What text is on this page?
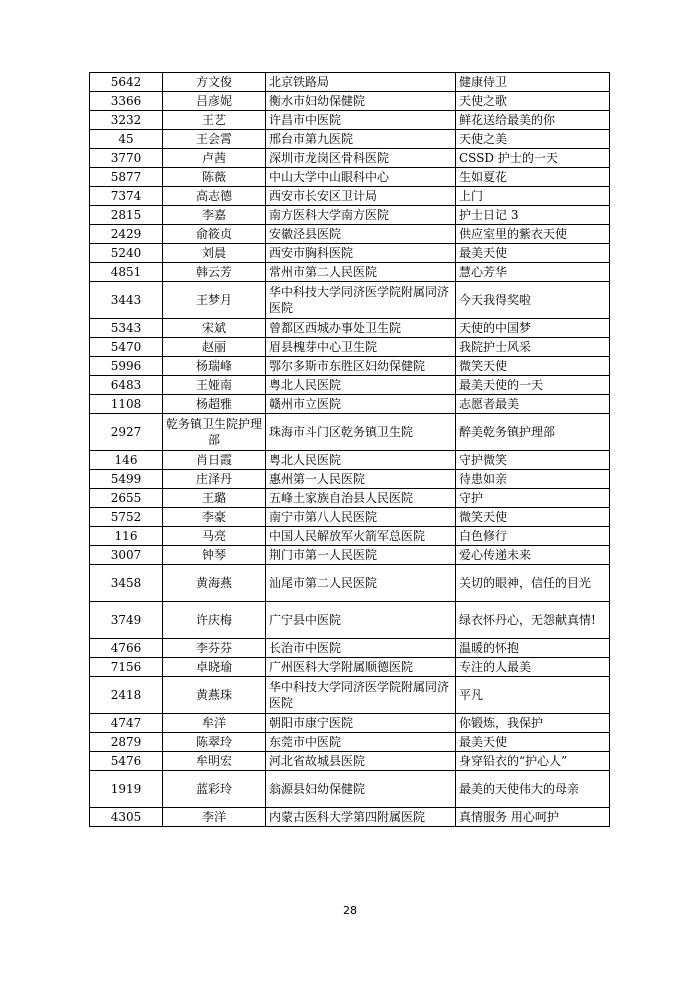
5642	方文俊	北京铁路局	健康侍卫
3366	吕彦妮	衡水市妇幼保健院	天使之歌
3232	王艺	许昌市中医院	鲜花送给最美的你
45	王会霄	邢台市第九医院	天使之美
3770	卢茜	深圳市龙岗区骨科医院	CSSD 护士的一天
5877	陈薇	中山大学中山眼科中心	生如夏花
7374	高志德	西安市长安区卫计局	上门
2815	李嘉	南方医科大学南方医院	护士日记 3
2429	俞筱贞	安徽泾县医院	供应室里的紫衣天使
5240	刘晨	西安市胸科医院	最美天使
4851	韩云芳	常州市第二人民医院	慧心芳华
3443	王梦月	华中科技大学同济医学院附属同济医院	今天我得奖啦
5343	宋斌	曾都区西城办事处卫生院	天使的中国梦
5470	赵丽	眉县槐芽中心卫生院	我院护士风采
5996	杨瑞峰	鄂尔多斯市东胜区妇幼保健院	微笑天使
6483	王娅南	粤北人民医院	最美天使的一天
1108	杨超雅	赣州市立医院	志愿者最美
2927	乾务镇卫生院护理部	珠海市斗门区乾务镇卫生院	醉美乾务镇护理部
146	肖日霞	粤北人民医院	守护微笑
5499	庄泽丹	惠州第一人民医院	待患如亲
2655	王璐	五峰土家族自治县人民医院	守护
5752	李豪	南宁市第八人民医院	微笑天使
116	马亮	中国人民解放军火箭军总医院	白色修行
3007	钟琴	荆门市第一人民医院	爱心传递未来
3458	黄海燕	汕尾市第二人民医院	关切的眼神，信任的目光
3749	许庆梅	广宁县中医院	绿衣怀丹心，无怨献真情!
4766	李芬芬	长治市中医院	温暖的怀抱
7156	卓晓瑜	广州医科大学附属顺德医院	专注的人最美
2418	黄燕珠	华中科技大学同济医学院附属同济医院	平凡
4747	牟洋	朝阳市康宁医院	你锻炼，我保护
2879	陈翠玲	东莞市中医院	最美天使
5476	牟明宏	河北省故城县医院	身穿铅衣的“护心人”
1919	蓝彩玲	翁源县妇幼保健院	最美的天使伟大的母亲
4305	李洋	内蒙古医科大学第四附属医院	真情服务 用心呵护
28
